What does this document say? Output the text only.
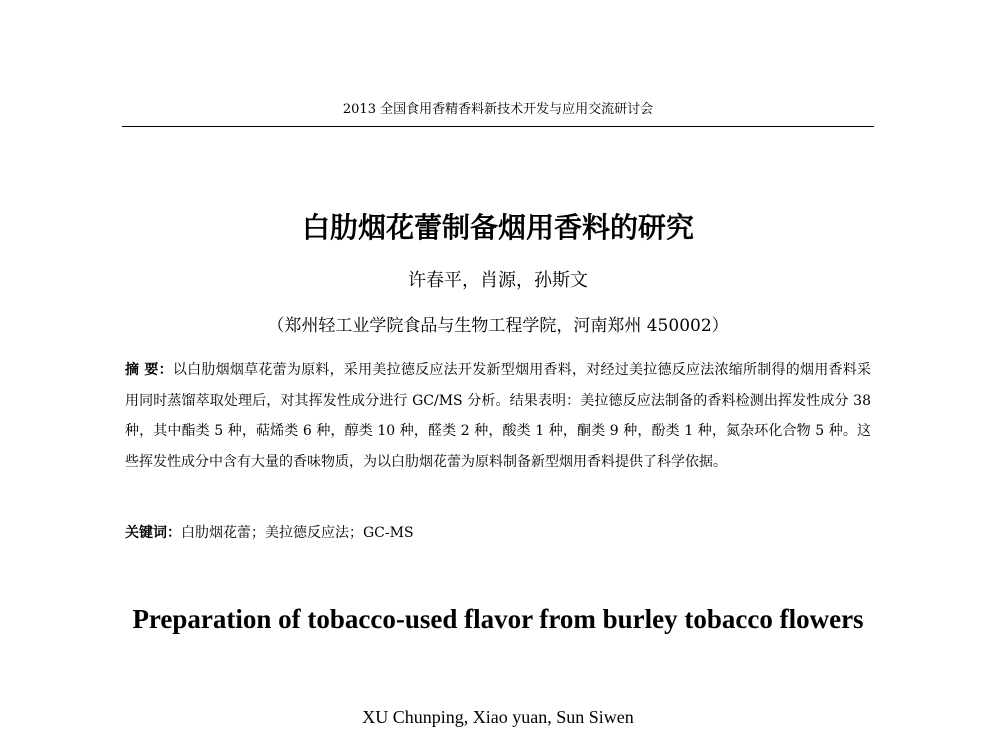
2013 全国食用香精香料新技术开发与应用交流研讨会
白肋烟花蕾制备烟用香料的研究
许春平，肖源，孙斯文
（郑州轻工业学院食品与生物工程学院，河南郑州 450002）
摘 要：以白肋烟烟草花蕾为原料，采用美拉德反应法开发新型烟用香料，对经过美拉德反应法浓缩所制得的烟用香料采用同时蒸馏萃取处理后，对其挥发性成分进行 GC/MS 分析。结果表明：美拉德反应法制备的香料检测出挥发性成分 38 种，其中酯类 5 种，萜烯类 6 种，醇类 10 种，醛类 2 种，酸类 1 种，酮类 9 种，酚类 1 种，氮杂环化合物 5 种。这些挥发性成分中含有大量的香味物质，为以白肋烟花蕾为原料制备新型烟用香料提供了科学依据。
关键词：白肋烟花蕾；美拉德反应法；GC-MS
Preparation of tobacco-used flavor from burley tobacco flowers
XU Chunping, Xiao yuan, Sun Siwen
